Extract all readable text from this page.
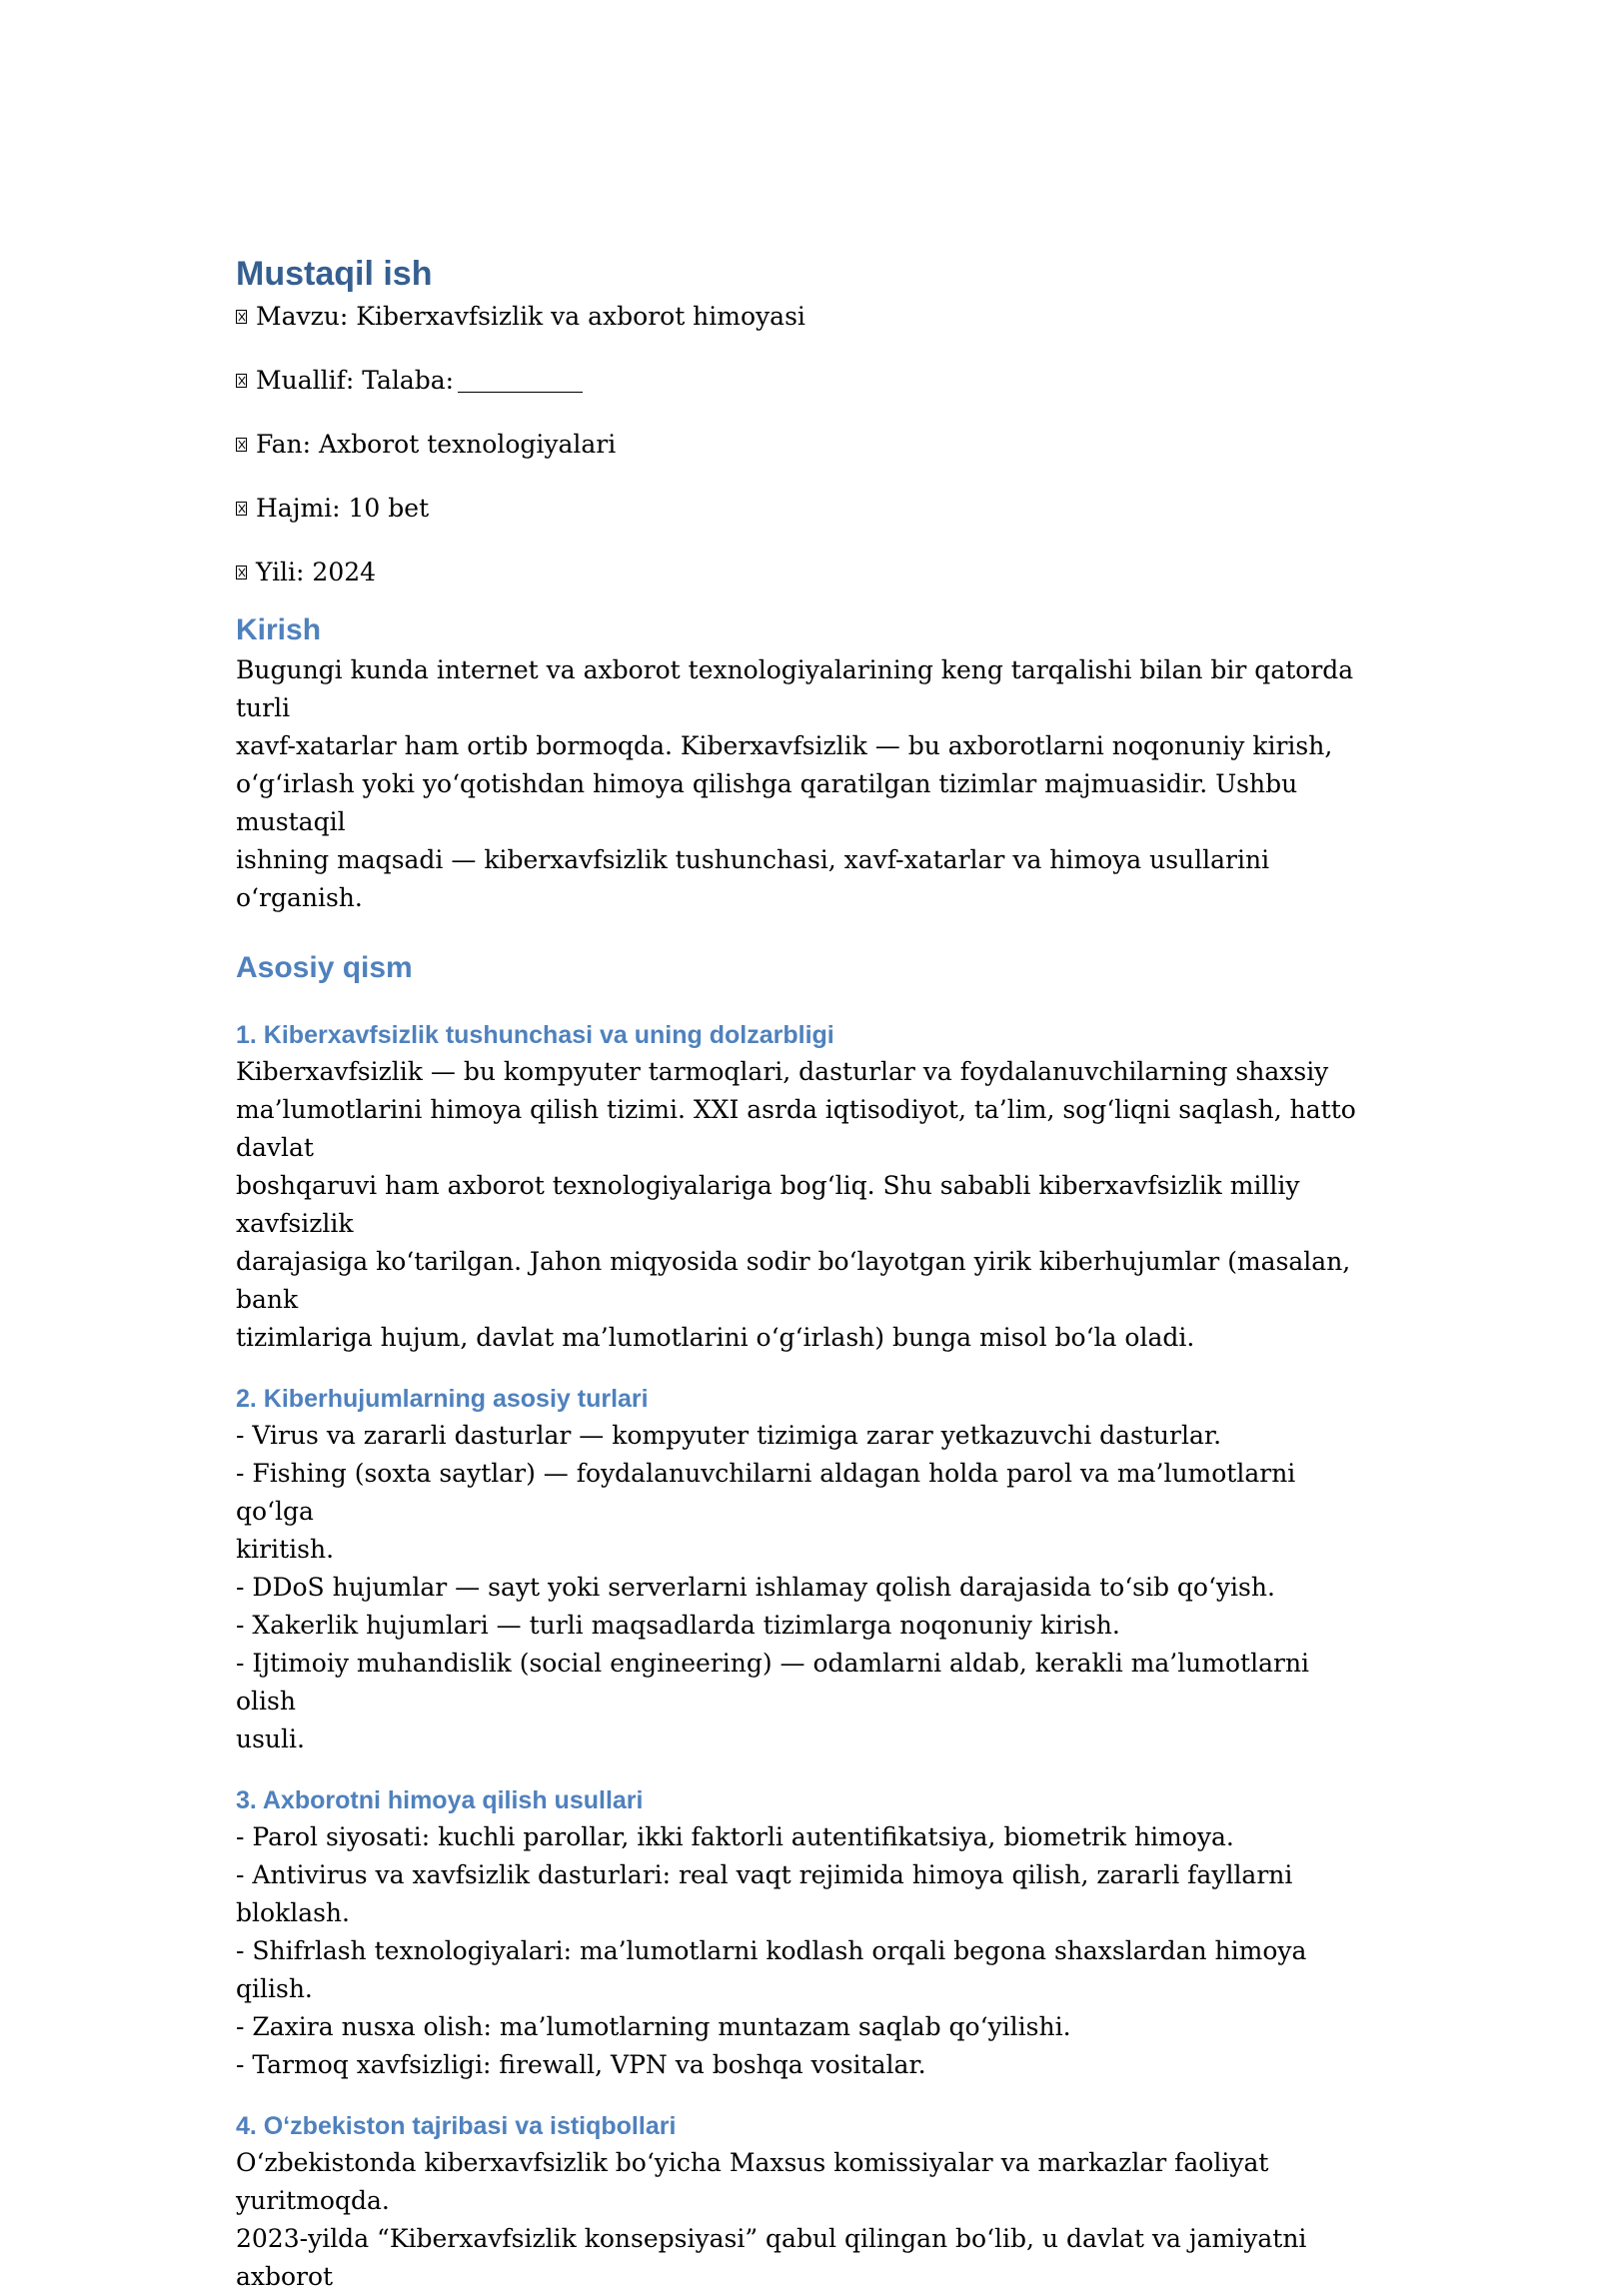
Mustaqil ish
Mavzu: Kiberxavfsizlik va axborot himoyasi
Muallif: Talaba:
Fan: Axborot texnologiyalari
Hajmi: 10 bet
Yili: 2024
Kirish

Bugungi kunda internet va axborot texnologiyalarining keng tarqalishi bilan bir qatorda turli

xavf-xatarlar ham ortib bormoqda. Kiberxavfsizlik — bu axborotlarni noqonuniy kirish,

o‘g‘irlash yoki yo‘qotishdan himoya qilishga qaratilgan tizimlar majmuasidir. Ushbu mustaqil

ishning maqsadi — kiberxavfsizlik tushunchasi, xavf-xatarlar va himoya usullarini o‘rganish.

Asosiy qism
1. Kiberxavfsizlik tushunchasi va uning dolzarbligi

Kiberxavfsizlik — bu kompyuter tarmoqlari, dasturlar va foydalanuvchilarning shaxsiy

ma’lumotlarini himoya qilish tizimi. XXI asrda iqtisodiyot, ta’lim, sog‘liqni saqlash, hatto davlat

boshqaruvi ham axborot texnologiyalariga bog‘liq. Shu sababli kiberxavfsizlik milliy xavfsizlik

darajasiga ko‘tarilgan. Jahon miqyosida sodir bo‘layotgan yirik kiberhujumlar (masalan, bank

tizimlariga hujum, davlat ma’lumotlarini o‘g‘irlash) bunga misol bo‘la oladi.

2. Kiberhujumlarning asosiy turlari

- Virus va zararli dasturlar — kompyuter tizimiga zarar yetkazuvchi dasturlar.

- Fishing (soxta saytlar) — foydalanuvchilarni aldagan holda parol va ma’lumotlarni qo‘lga

kiritish.

- DDoS hujumlar — sayt yoki serverlarni ishlamay qolish darajasida to‘sib qo‘yish.

- Xakerlik hujumlari — turli maqsadlarda tizimlarga noqonuniy kirish.

- Ijtimoiy muhandislik (social engineering) — odamlarni aldab, kerakli ma’lumotlarni olish

usuli.

3. Axborotni himoya qilish usullari

- Parol siyosati: kuchli parollar, ikki faktorli autentifikatsiya, biometrik himoya.

- Antivirus va xavfsizlik dasturlari: real vaqt rejimida himoya qilish, zararli fayllarni bloklash.

- Shifrlash texnologiyalari: ma’lumotlarni kodlash orqali begona shaxslardan himoya qilish.

- Zaxira nusxa olish: ma’lumotlarning muntazam saqlab qo‘yilishi.

- Tarmoq xavfsizligi: firewall, VPN va boshqa vositalar.

4. O‘zbekiston tajribasi va istiqbollari

O‘zbekistonda kiberxavfsizlik bo‘yicha Maxsus komissiyalar va markazlar faoliyat yuritmoqda.

2023-yilda “Kiberxavfsizlik konsepsiyasi” qabul qilingan bo‘lib, u davlat va jamiyatni axborot
